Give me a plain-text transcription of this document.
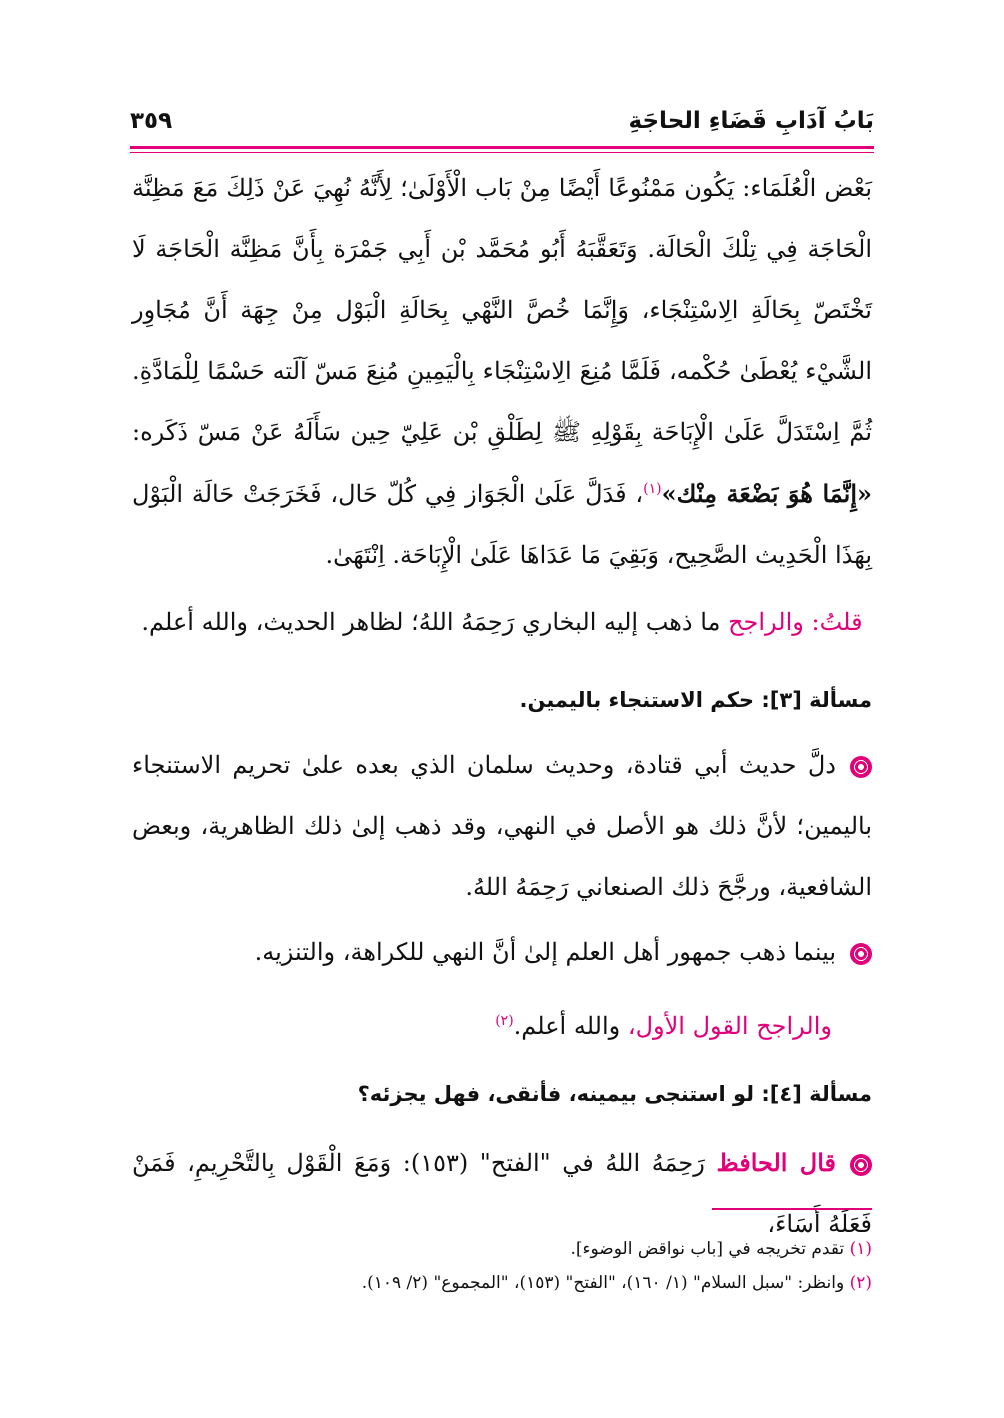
بَابُ آدَابِ قَضَاءِ الحاجَةِ
٣٥٩
بَعْض الْعُلَمَاء: يَكُون مَمْنُوعًا أَيْضًا مِنْ بَاب الْأَوْلَىٰ؛ لِأَنَّهُ نُهِيَ عَنْ ذَلِكَ مَعَ مَظِنَّة الْحَاجَة فِي تِلْكَ الْحَالَة. وَتَعَقَّبَهُ أَبُو مُحَمَّد بْن أَبِي جَمْرَة بِأَنَّ مَظِنَّة الْحَاجَة لَا تَخْتَصّ بِحَالَةِ الِاسْتِنْجَاء، وَإِنَّمَا خُصَّ النَّهْي بِحَالَةِ الْبَوْل مِنْ جِهَة أَنَّ مُجَاوِر الشَّيْء يُعْطَىٰ حُكْمه، فَلَمَّا مُنِعَ الِاسْتِنْجَاء بِالْيَمِينِ مُنِعَ مَسّ آلَته حَسْمًا لِلْمَادَّةِ. ثُمَّ اِسْتَدَلَّ عَلَىٰ الْإِبَاحَة بِقَوْلِهِ ﷺ لِطَلْقِ بْن عَلِيّ حِين سَأَلَهُ عَنْ مَسّ ذَكَره: «إِنَّمَا هُوَ بَضْعَة مِنْك»$^{(١)}$، فَدَلَّ عَلَىٰ الْجَوَاز فِي كُلّ حَال، فَخَرَجَتْ حَالَة الْبَوْل بِهَذَا الْحَدِيث الصَّحِيح، وَبَقِيَ مَا عَدَاهَا عَلَىٰ الْإِبَاحَة. اِنْتَهَىٰ.
قلتُ: والراجح ما ذهب إليه البخاري رَحِمَهُ اللهُ؛ لظاهر الحديث، والله أعلم.
مسألة [٣]: حكم الاستنجاء باليمين.
دلَّ حديث أبي قتادة، وحديث سلمان الذي بعده علىٰ تحريم الاستنجاء باليمين؛ لأنَّ ذلك هو الأصل في النهي، وقد ذهب إلىٰ ذلك الظاهرية، وبعض الشافعية، ورجَّحَ ذلك الصنعاني رَحِمَهُ اللهُ.
بينما ذهب جمهور أهل العلم إلىٰ أنَّ النهي للكراهة، والتنزيه.
والراجح القول الأول، والله أعلم.$^{(٢)}$
مسألة [٤]: لو استنجى بيمينه، فأنقى، فهل يجزئه؟
قال الحافظ رَحِمَهُ اللهُ في "الفتح" (١٥٣): وَمَعَ الْقَوْل بِالتَّحْرِيمِ، فَمَنْ فَعَلَهُ أَسَاءَ،
(١) تقدم تخريجه في [باب نواقض الوضوء].
(٢) وانظر: "سبل السلام" (١/ ١٦٠)، "الفتح" (١٥٣)، "المجموع" (٢/ ١٠٩).
